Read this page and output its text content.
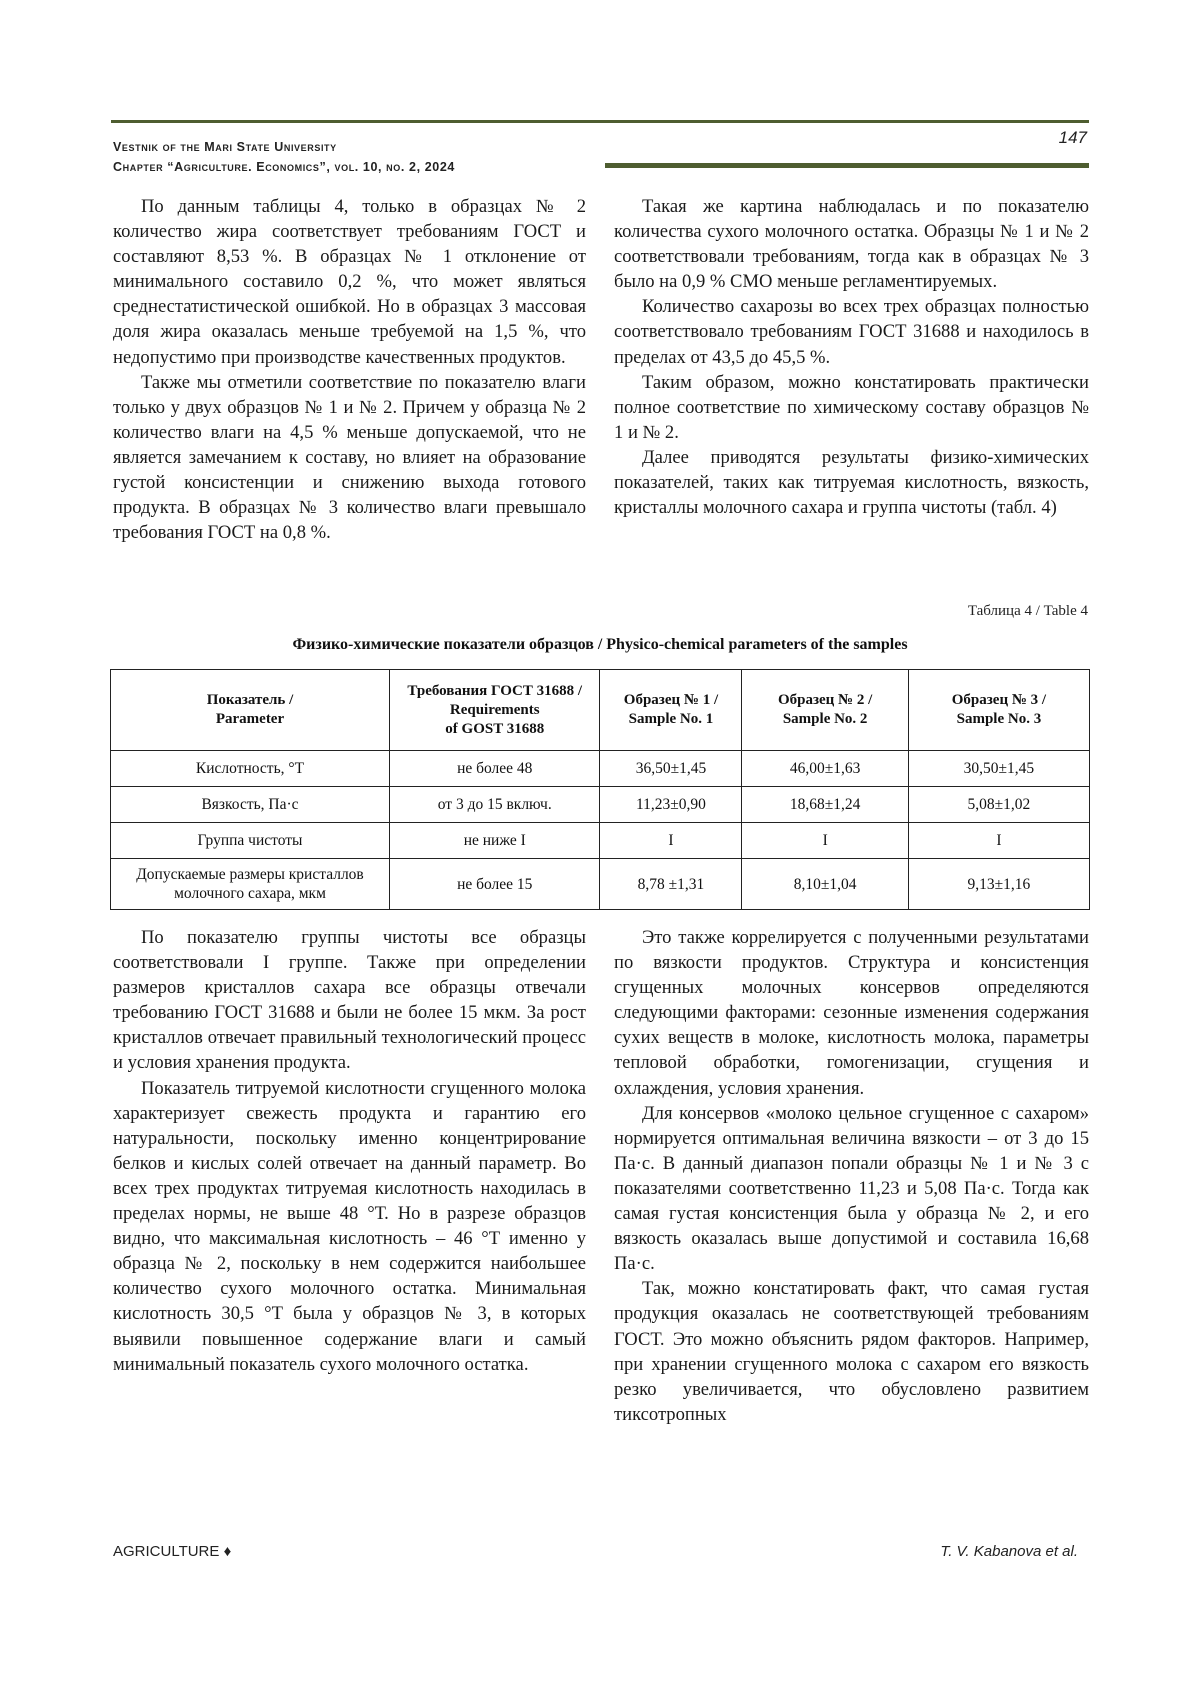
Vestnik of the Mari State University
Chapter “Agriculture. Economics”, vol. 10, no. 2, 2024
147

По данным таблицы 4, только в образцах № 2 количество жира соответствует требованиям ГОСТ и составляют 8,53 %. В образцах № 1 отклонение от минимального составило 0,2 %, что может являться среднестатистической ошибкой. Но в образцах 3 массовая доля жира оказалась меньше требуемой на 1,5 %, что недопустимо при производстве качественных продуктов.

Также мы отметили соответствие по показателю влаги только у двух образцов № 1 и № 2. Причем у образца № 2 количество влаги на 4,5 % меньше допускаемой, что не является замечанием к составу, но влияет на образование густой консистенции и снижению выхода готового продукта. В образцах № 3 количество влаги превышало требования ГОСТ на 0,8 %.

Такая же картина наблюдалась и по показателю количества сухого молочного остатка. Образцы № 1 и № 2 соответствовали требованиям, тогда как в образцах № 3 было на 0,9 % СМО меньше регламентируемых.

Количество сахарозы во всех трех образцах полностью соответствовало требованиям ГОСТ 31688 и находилось в пределах от 43,5 до 45,5 %.

Таким образом, можно констатировать практически полное соответствие по химическому составу образцов № 1 и № 2.

Далее приводятся результаты физико-химических показателей, таких как титруемая кислотность, вязкость, кристаллы молочного сахара и группа чистоты (табл. 4)

Таблица 4 / Table 4
Физико-химические показатели образцов / Physico-chemical parameters of the samples
Показатель /
Parameter	Требования ГОСТ 31688 /
Requirements
of GOST 31688	Образец № 1 /
Sample No. 1	Образец № 2 /
Sample No. 2	Образец № 3 /
Sample No. 3
Кислотность, °Т	не более 48	36,50±1,45	46,00±1,63	30,50±1,45
Вязкость, Па·с	от 3 до 15 включ.	11,23±0,90	18,68±1,24	5,08±1,02
Группа чистоты	не ниже I	I	I	I
Допускаемые размеры кристаллов молочного сахара, мкм	не более 15	8,78 ±1,31	8,10±1,04	9,13±1,16

По показателю группы чистоты все образцы соответствовали I группе. Также при определении размеров кристаллов сахара все образцы отвечали требованию ГОСТ 31688 и были не более 15 мкм. За рост кристаллов отвечает правильный технологический процесс и условия хранения продукта.

Показатель титруемой кислотности сгущенного молока характеризует свежесть продукта и гарантию его натуральности, поскольку именно концентрирование белков и кислых солей отвечает на данный параметр. Во всех трех продуктах титруемая кислотность находилась в пределах нормы, не выше 48 °Т. Но в разрезе образцов видно, что максимальная кислотность – 46 °Т именно у образца № 2, поскольку в нем содержится наибольшее количество сухого молочного остатка. Минимальная кислотность 30,5 °Т была у образцов № 3, в которых выявили повышенное содержание влаги и самый минимальный показатель сухого молочного остатка.

Это также коррелируется с полученными результатами по вязкости продуктов. Структура и консистенция сгущенных молочных консервов определяются следующими факторами: сезонные изменения содержания сухих веществ в молоке, кислотность молока, параметры тепловой обработки, гомогенизации, сгущения и охлаждения, условия хранения.

Для консервов «молоко цельное сгущенное с сахаром» нормируется оптимальная величина вязкости – от 3 до 15 Па·с. В данный диапазон попали образцы № 1 и № 3 с показателями соответственно 11,23 и 5,08 Па·с. Тогда как самая густая консистенция была у образца № 2, и его вязкость оказалась выше допустимой и составила 16,68 Па·с.

Так, можно констатировать факт, что самая густая продукция оказалась не соответствующей требованиям ГОСТ. Это можно объяснить рядом факторов. Например, при хранении сгущенного молока с сахаром его вязкость резко увеличивается, что обусловлено развитием тиксотропных

AGRICULTURE ♦	T. V. Kabanova et al.
